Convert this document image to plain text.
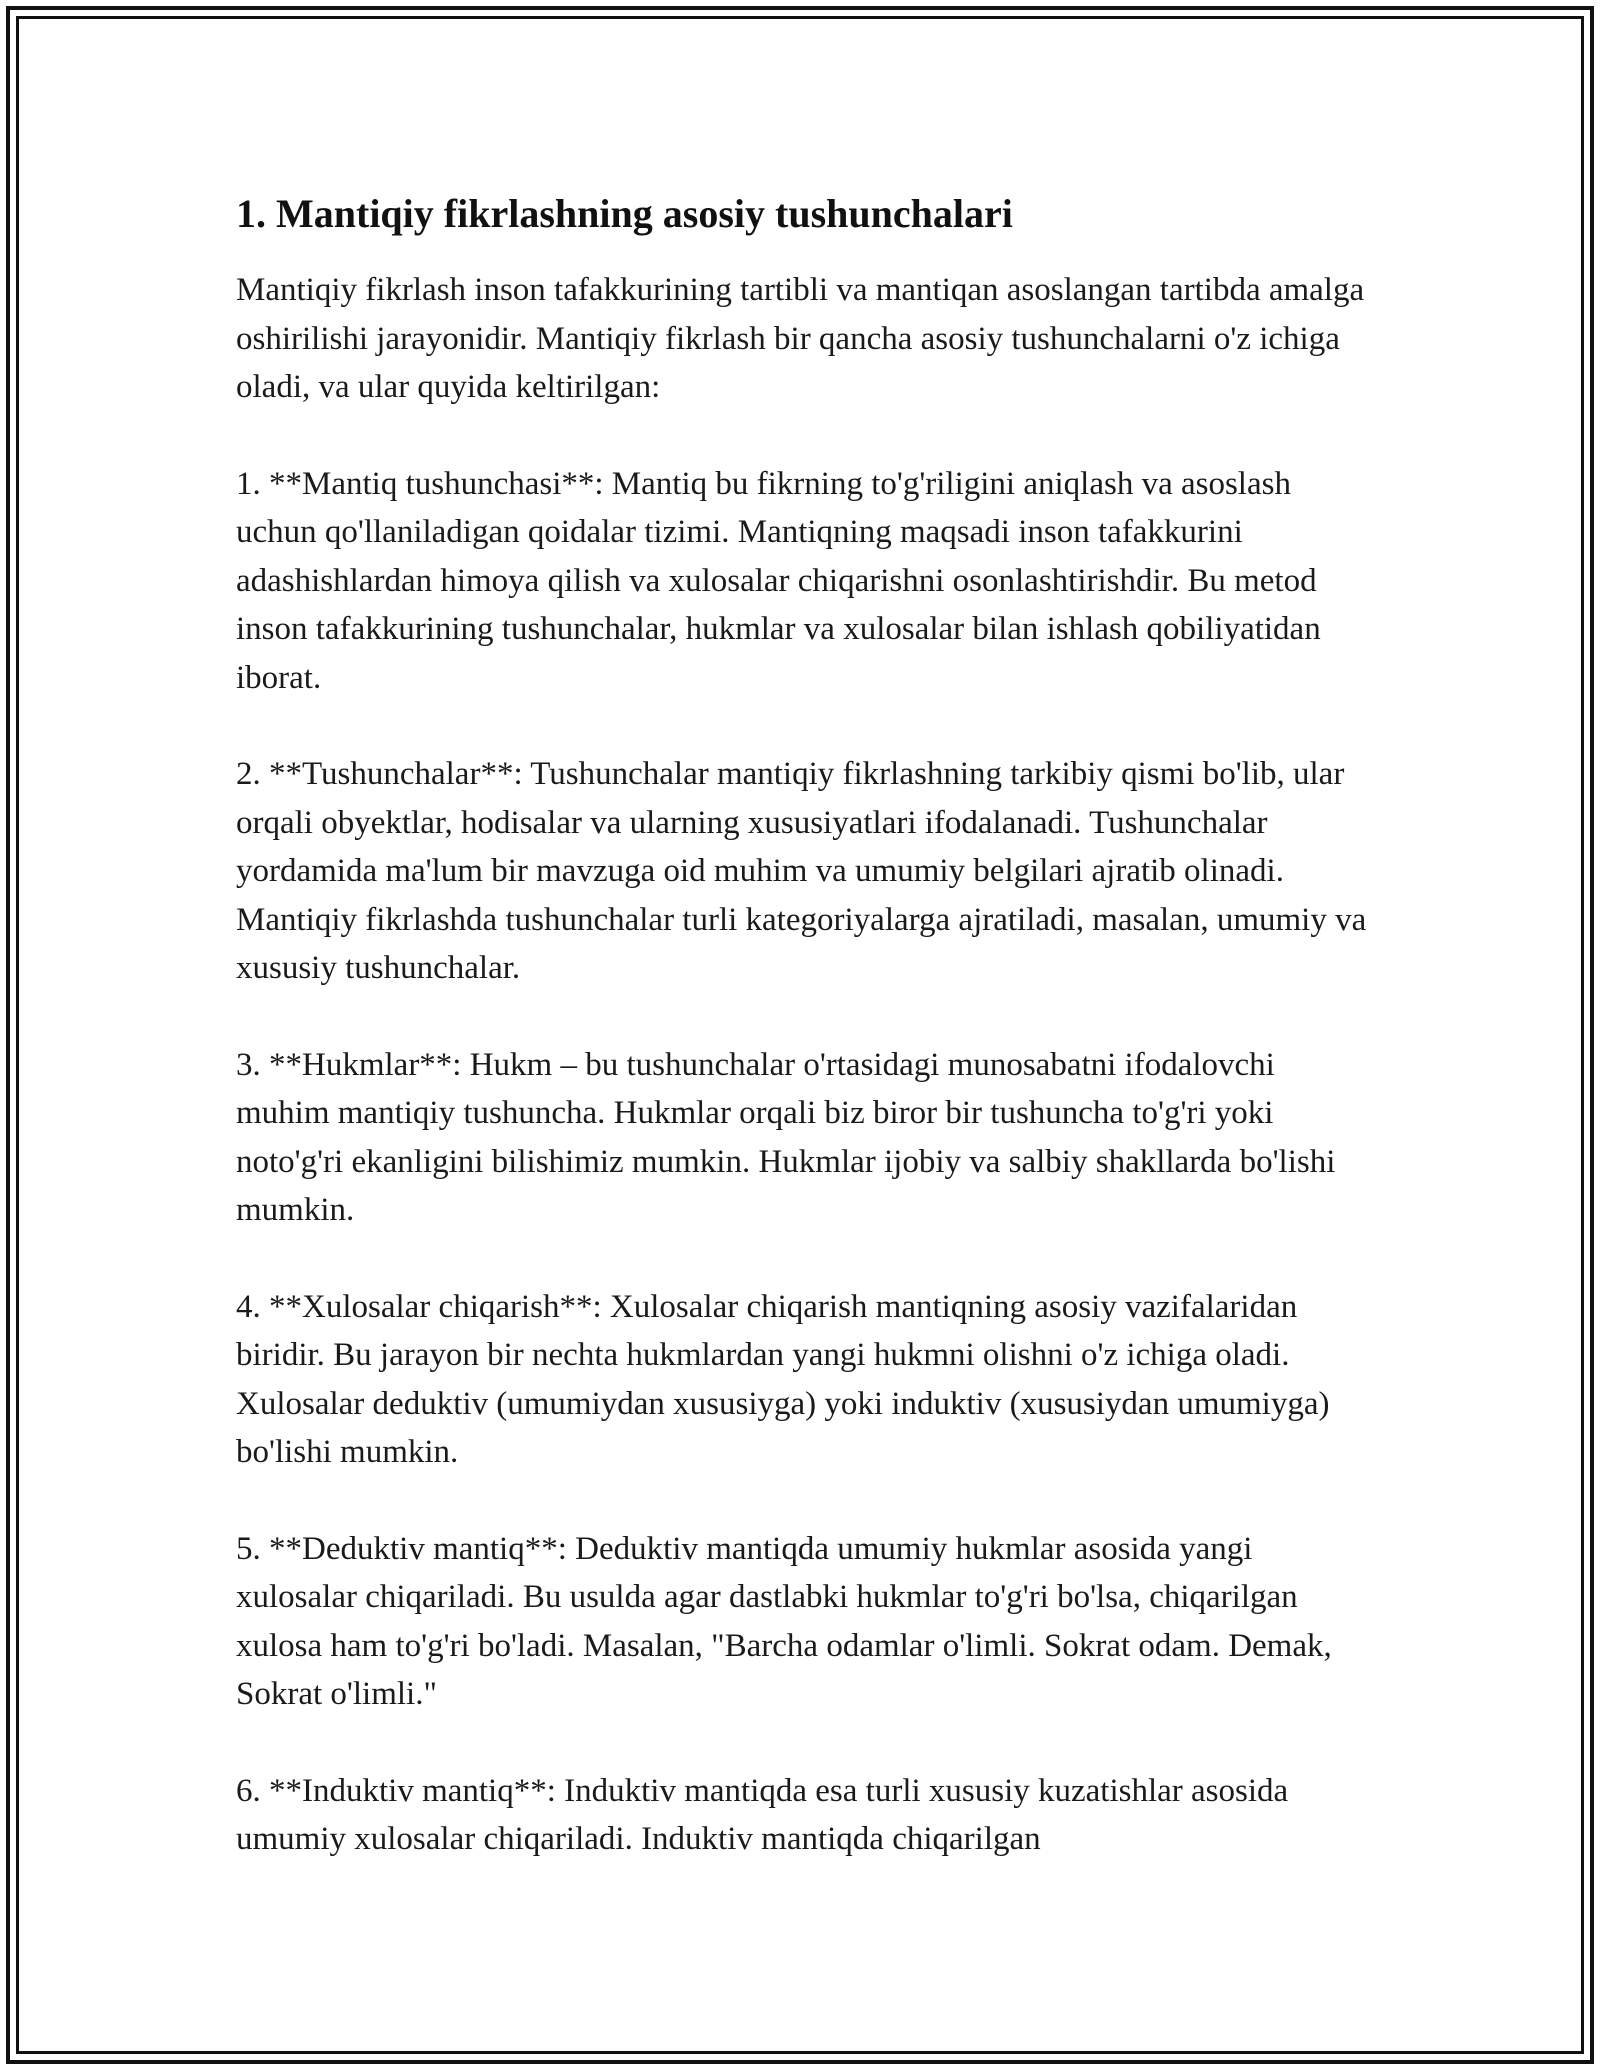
1. Mantiqiy fikrlashning asosiy tushunchalari

Mantiqiy fikrlash inson tafakkurining tartibli va mantiqan asoslangan tartibda amalga oshirilishi jarayonidir. Mantiqiy fikrlash bir qancha asosiy tushunchalarni o'z ichiga oladi, va ular quyida keltirilgan:

1. **Mantiq tushunchasi**: Mantiq bu fikrning to'g'riligini aniqlash va asoslash uchun qo'llaniladigan qoidalar tizimi. Mantiqning maqsadi inson tafakkurini adashishlardan himoya qilish va xulosalar chiqarishni osonlashtirishdir. Bu metod inson tafakkurining tushunchalar, hukmlar va xulosalar bilan ishlash qobiliyatidan iborat.

2. **Tushunchalar**: Tushunchalar mantiqiy fikrlashning tarkibiy qismi bo'lib, ular orqali obyektlar, hodisalar va ularning xususiyatlari ifodalanadi. Tushunchalar yordamida ma'lum bir mavzuga oid muhim va umumiy belgilari ajratib olinadi. Mantiqiy fikrlashda tushunchalar turli kategoriyalarga ajratiladi, masalan, umumiy va xususiy tushunchalar.

3. **Hukmlar**: Hukm – bu tushunchalar o'rtasidagi munosabatni ifodalovchi muhim mantiqiy tushuncha. Hukmlar orqali biz biror bir tushuncha to'g'ri yoki noto'g'ri ekanligini bilishimiz mumkin. Hukmlar ijobiy va salbiy shakllarda bo'lishi mumkin.

4. **Xulosalar chiqarish**: Xulosalar chiqarish mantiqning asosiy vazifalaridan biridir. Bu jarayon bir nechta hukmlardan yangi hukmni olishni o'z ichiga oladi. Xulosalar deduktiv (umumiydan xususiyga) yoki induktiv (xususiydan umumiyga) bo'lishi mumkin.

5. **Deduktiv mantiq**: Deduktiv mantiqda umumiy hukmlar asosida yangi xulosalar chiqariladi. Bu usulda agar dastlabki hukmlar to'g'ri bo'lsa, chiqarilgan xulosa ham to'g'ri bo'ladi. Masalan, "Barcha odamlar o'limli. Sokrat odam. Demak, Sokrat o'limli."

6. **Induktiv mantiq**: Induktiv mantiqda esa turli xususiy kuzatishlar asosida umumiy xulosalar chiqariladi. Induktiv mantiqda chiqarilgan
